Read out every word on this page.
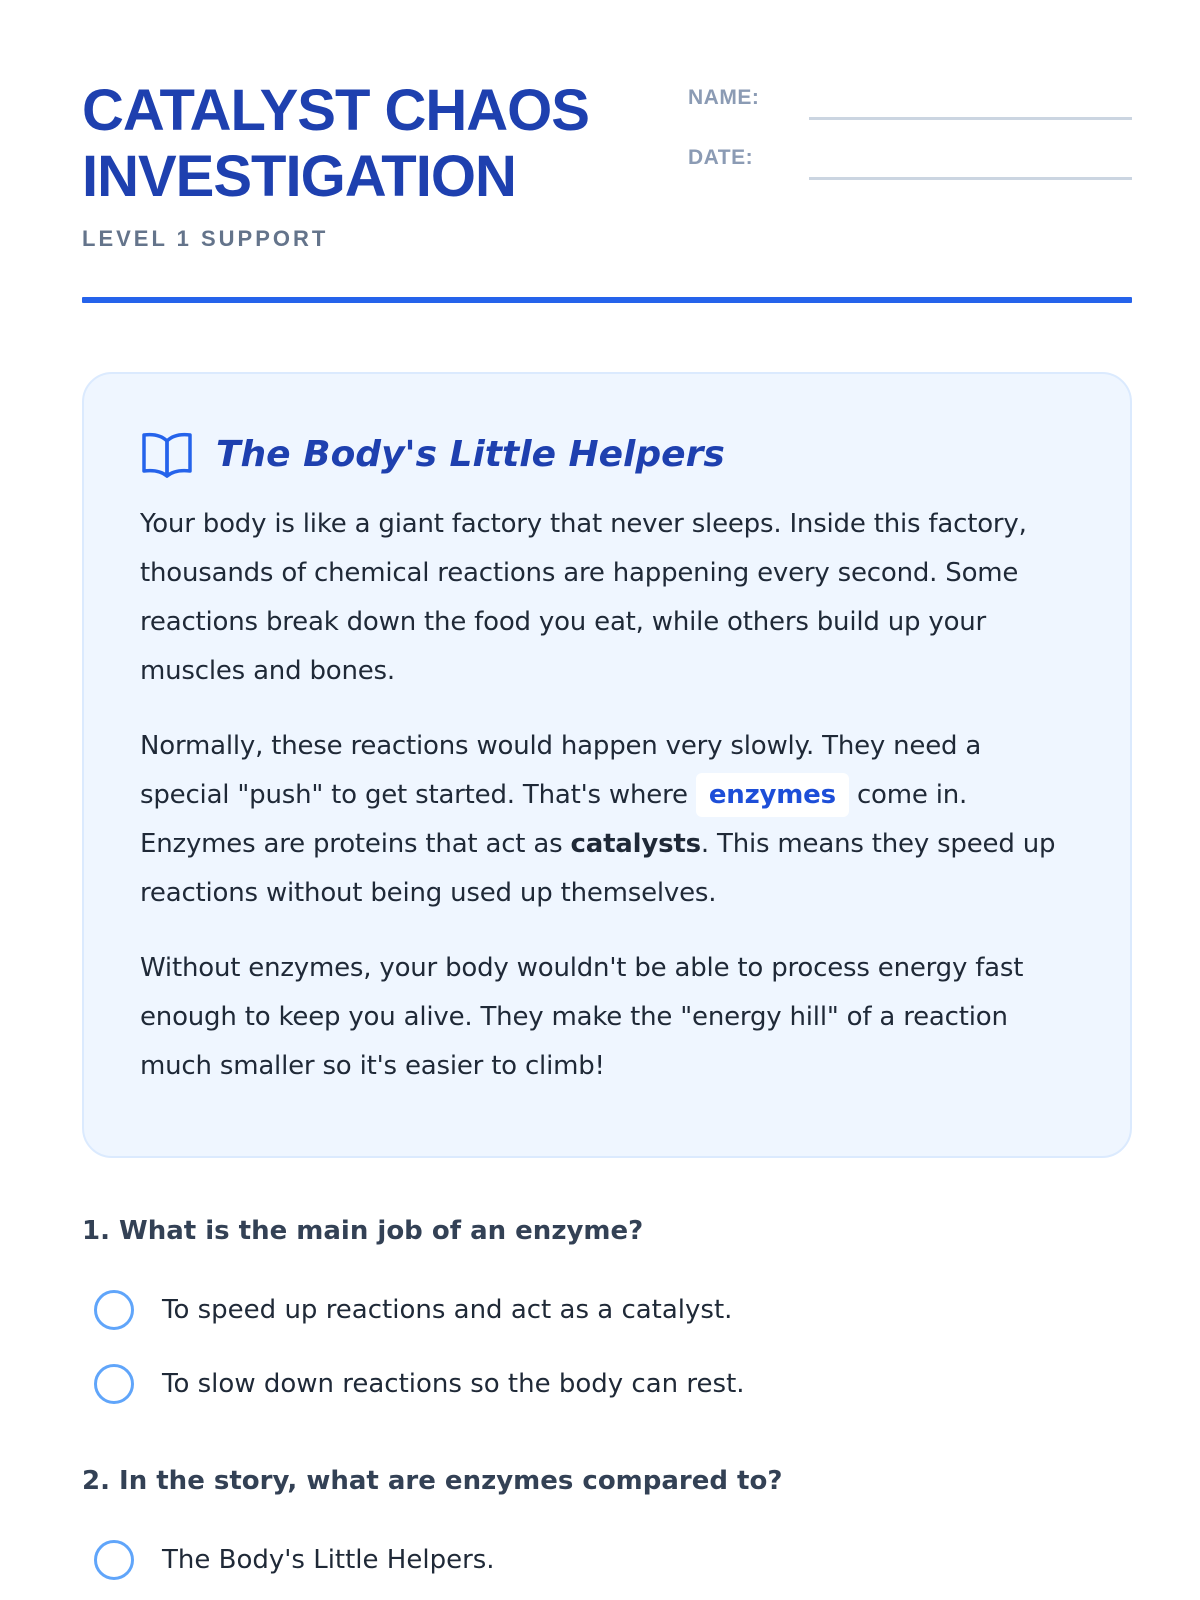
CATALYST CHAOS
INVESTIGATION
LEVEL 1 SUPPORT
NAME:
DATE:
The Body's Little Helpers

Your body is like a giant factory that never sleeps. Inside this factory, thousands of chemical reactions are happening every second. Some reactions break down the food you eat, while others build up your muscles and bones.

Normally, these reactions would happen very slowly. They need a special "push" to get started. That's where enzymes come in. Enzymes are proteins that act as catalysts. This means they speed up reactions without being used up themselves.

Without enzymes, your body wouldn't be able to process energy fast enough to keep you alive. They make the "energy hill" of a reaction much smaller so it's easier to climb!

1. What is the main job of an enzyme?

To speed up reactions and act as a catalyst.
To slow down reactions so the body can rest.

2. In the story, what are enzymes compared to?

The Body's Little Helpers.
